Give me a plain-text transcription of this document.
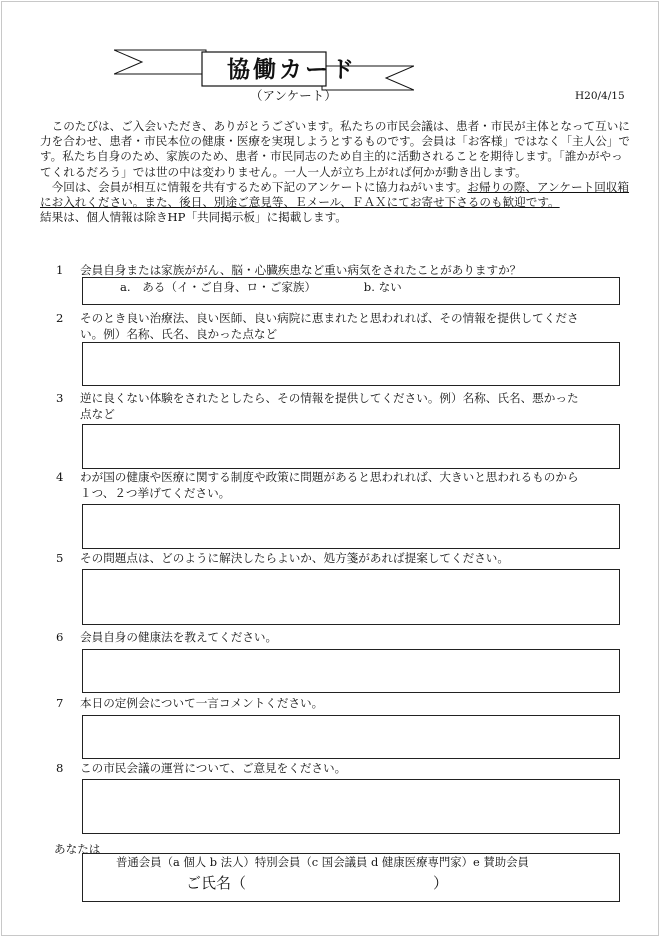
協働カード
（アンケート）	H20/4/15

このたびは、ご入会いただき、ありがとうございます。私たちの市民会議は、患者・市民が主体となって互いに力を合わせ、患者・市民本位の健康・医療を実現しようとするものです。会員は「お客様」ではなく「主人公」です。私たち自身のため、家族のため、患者・市民同志のため自主的に活動されることを期待します。「誰かがやってくれるだろう」では世の中は変わりません。一人一人が立ち上がれば何かが動き出します。

今回は、会員が相互に情報を共有するため下記のアンケートに協力ねがいます。お帰りの際、アンケート回収箱にお入れください。また、後日、別途ご意見等、Ｅメール、ＦＡＸにてお寄せ下さるのも歓迎です。

結果は、個人情報は除きHP「共同掲示板」に掲載します。

1 会員自身または家族ががん、脳・心臓疾患など重い病気をされたことがありますか？
a.　ある（イ・ご自身、ロ・ご家族）	b. ない
2 そのとき良い治療法、良い医師、良い病院に恵まれたと思われれば、その情報を提供してください。例）名称、氏名、良かった点など
3 逆に良くない体験をされたとしたら、その情報を提供してください。例）名称、氏名、悪かった点など
4 わが国の健康や医療に関する制度や政策に問題があると思われれば、大きいと思われるものから１つ、２つ挙げてください。
5 その問題点は、どのように解決したらよいか、処方箋があれば提案してください。
6 会員自身の健康法を教えてください。
7 本日の定例会について一言コメントください。
8 この市民会議の運営について、ご意見をください。
あなたは
普通会員（a 個人 b 法人）特別会員（c 国会議員 d 健康医療専門家）e 賛助会員
ご氏名（	）
